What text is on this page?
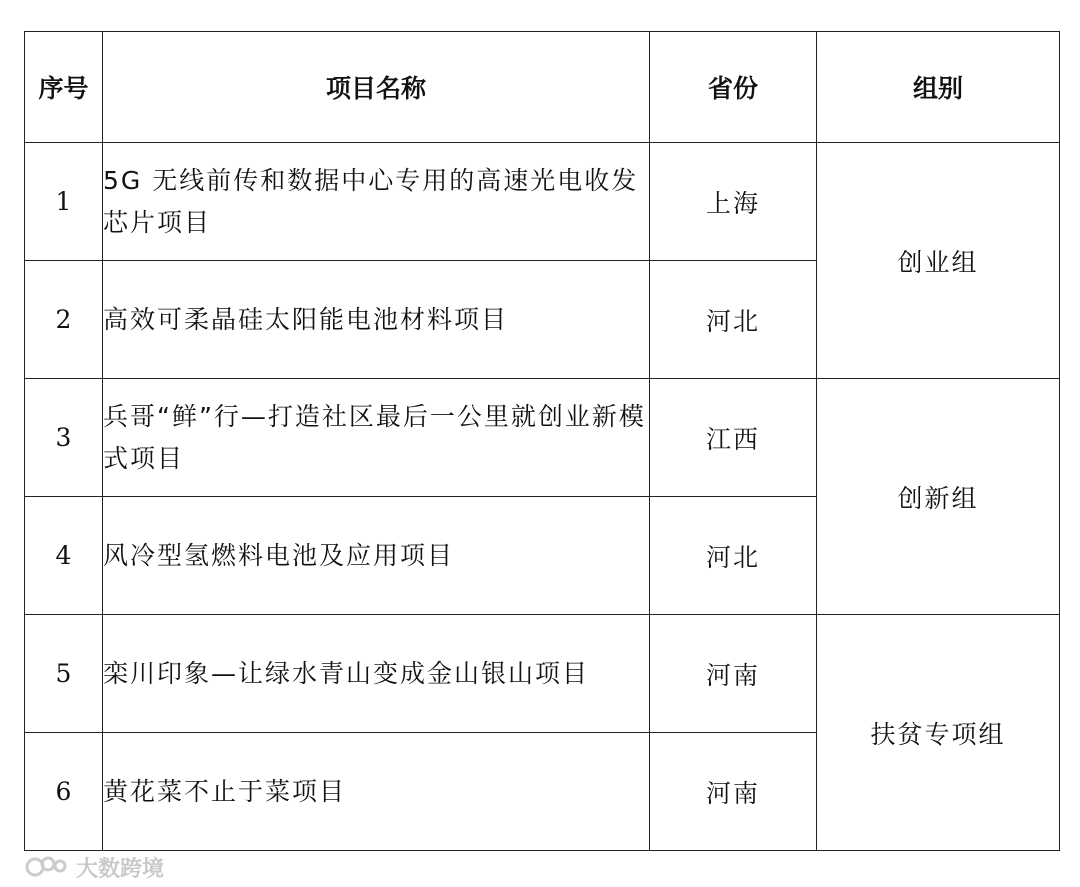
序号	项目名称	省份	组别
1	5G 无线前传和数据中心专用的高速光电收发芯片项目	上海	创业组
2	高效可柔晶硅太阳能电池材料项目	河北	
3	兵哥“鲜”行—打造社区最后一公里就创业新模式项目	江西	创新组
4	风冷型氢燃料电池及应用项目	河北	
5	栾川印象—让绿水青山变成金山银山项目	河南	扶贫专项组
6	黄花菜不止于菜项目	河南	
大数跨境
